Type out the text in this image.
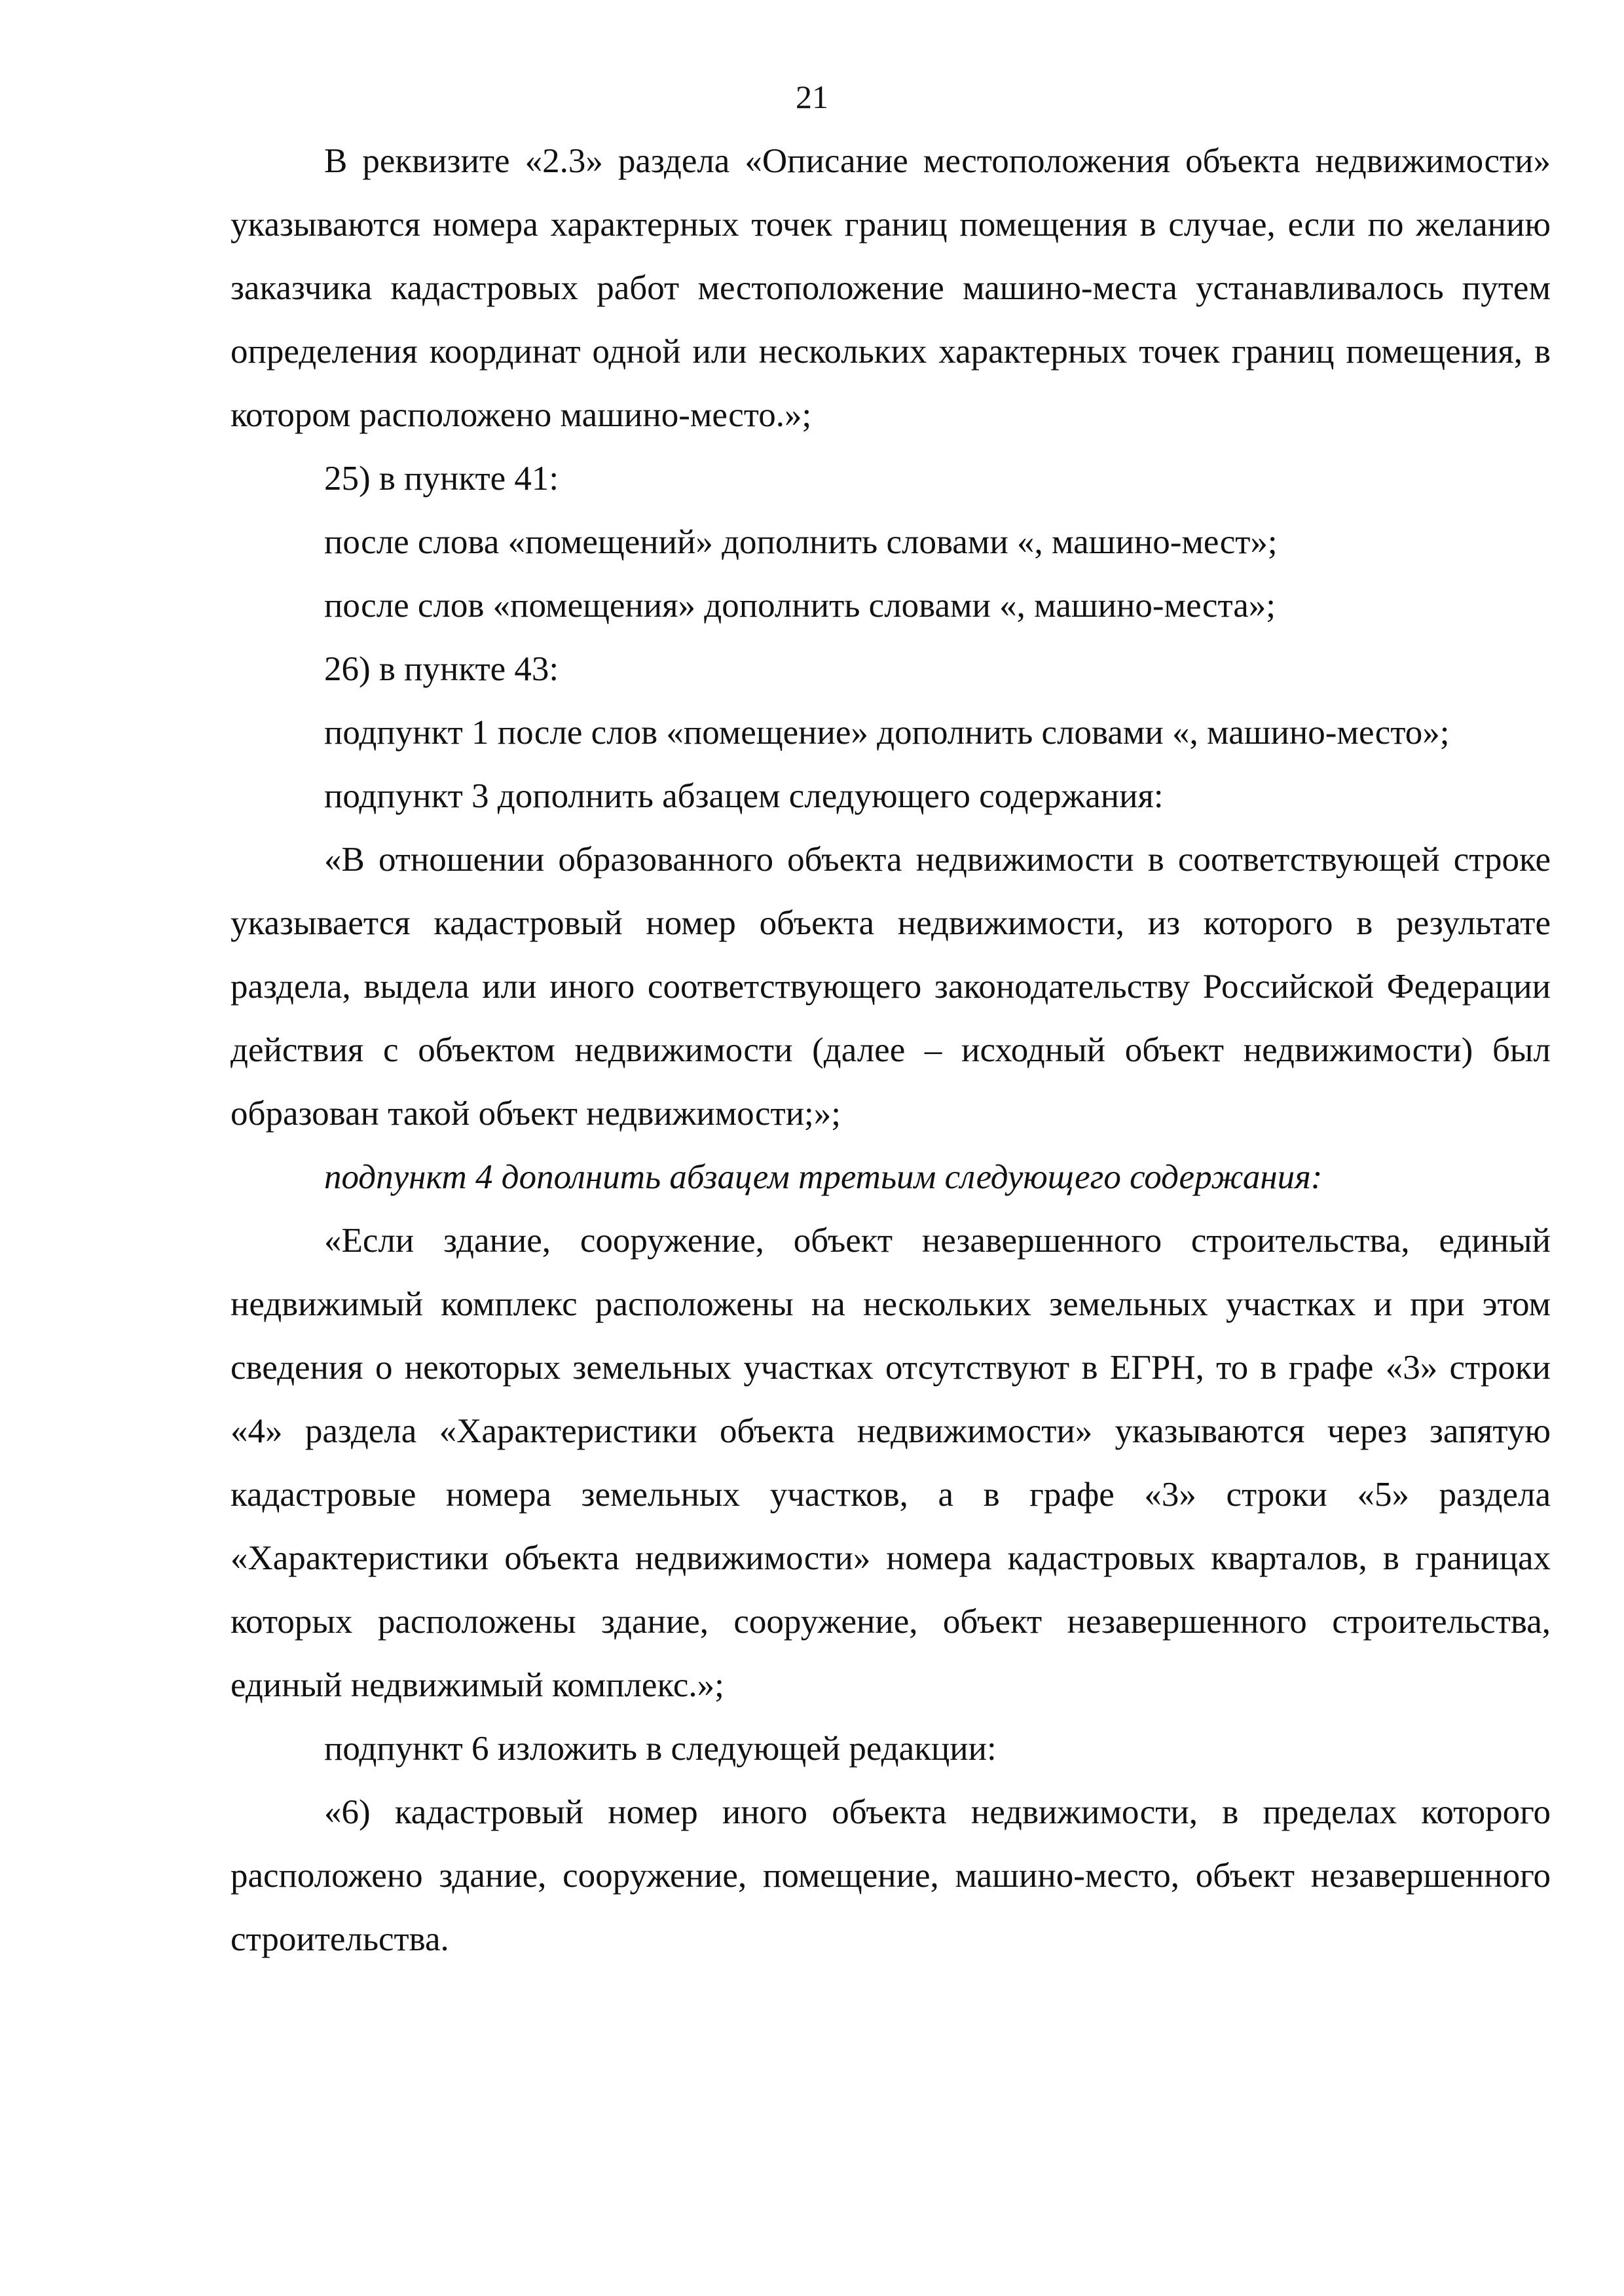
21

В реквизите «2.3» раздела «Описание местоположения объекта недвижимости» указываются номера характерных точек границ помещения в случае, если по желанию заказчика кадастровых работ местоположение машино-места устанавливалось путем определения координат одной или нескольких характерных точек границ помещения, в котором расположено машино-место.»;

25) в пункте 41:

после слова «помещений» дополнить словами «, машино-мест»;

после слов «помещения» дополнить словами «, машино-места»;

26) в пункте 43:

подпункт 1 после слов «помещение» дополнить словами «, машино-место»;

подпункт 3 дополнить абзацем следующего содержания:

«В отношении образованного объекта недвижимости в соответствующей строке указывается кадастровый номер объекта недвижимости, из которого в результате раздела, выдела или иного соответствующего законодательству Российской Федерации действия с объектом недвижимости (далее – исходный объект недвижимости) был образован такой объект недвижимости;»;

подпункт 4 дополнить абзацем третьим следующего содержания:

«Если здание, сооружение, объект незавершенного строительства, единый недвижимый комплекс расположены на нескольких земельных участках и при этом сведения о некоторых земельных участках отсутствуют в ЕГРН, то в графе «3» строки «4» раздела «Характеристики объекта недвижимости» указываются через запятую кадастровые номера земельных участков, а в графе «3» строки «5» раздела «Характеристики объекта недвижимости» номера кадастровых кварталов, в границах которых расположены здание, сооружение, объект незавершенного строительства, единый недвижимый комплекс.»;

подпункт 6 изложить в следующей редакции:

«6) кадастровый номер иного объекта недвижимости, в пределах которого расположено здание, сооружение, помещение, машино-место, объект незавершенного строительства.
